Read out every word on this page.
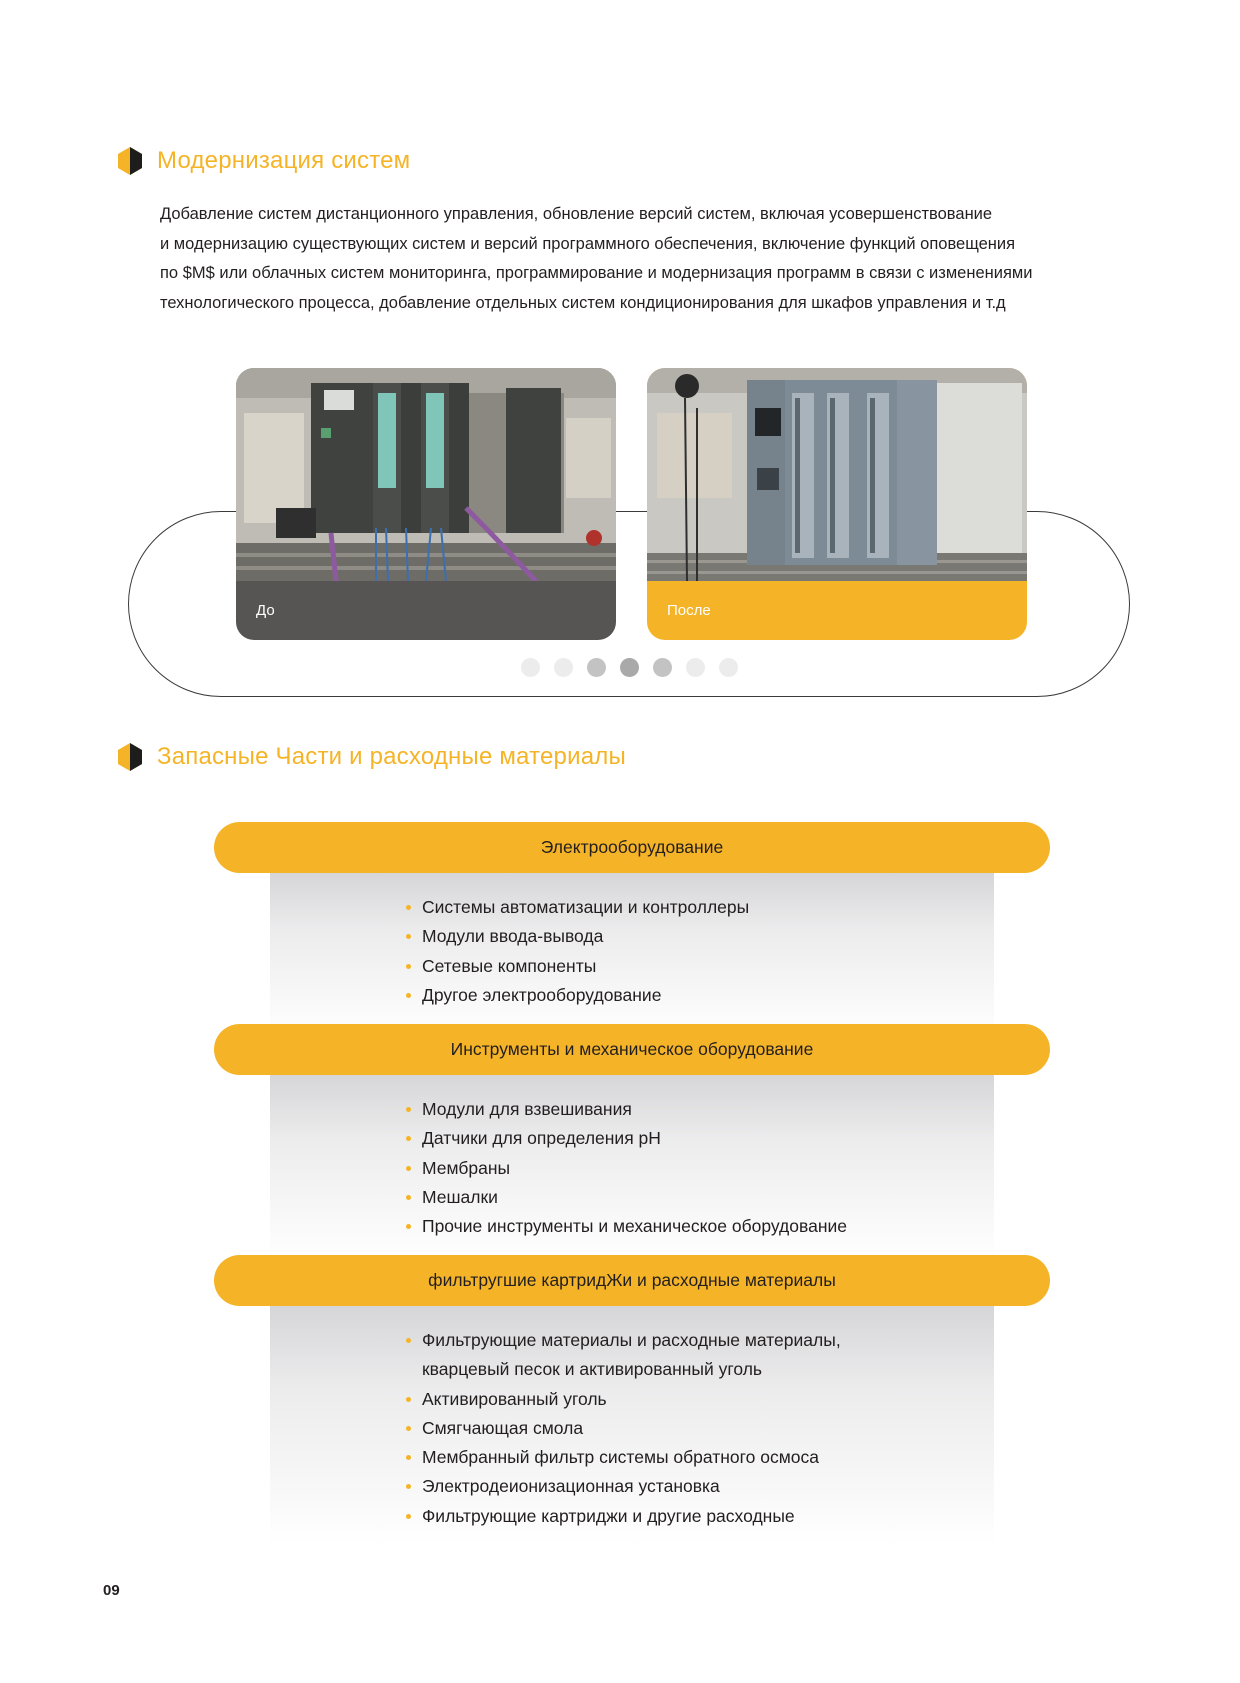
Модернизация систем

Добавление систем дистанционного управления, обновление версий систем, включая усовершенствование

и модернизацию существующих систем и версий программного обеспечения, включение функций оповещения

по $M$ или облачных систем мониторинга, программирование и модернизация программ в связи с изменениями

технологического процесса, добавление отдельных систем кондиционирования для шкафов управления и т.д

До	После
Запасные Части и расходные материалы
Электрооборудование
Системы автоматизации и контроллеры
Модули ввода-вывода
Сетевые компоненты
Другое электрооборудование
Инструменты и механическое оборудование
Модули для взвешивания
Датчики для определения pH
Мембраны
Мешалки
Прочие инструменты и механическое оборудование
фильтругшие картридЖи и расходные материалы
Фильтрующие материалы и расходные материалы,
кварцевый песок и активированный уголь
Активированный уголь
Смягчающая смола
Мембранный фильтр системы обратного осмоса
Электродеионизационная установка
Фильтрующие картриджи и другие расходные
09
